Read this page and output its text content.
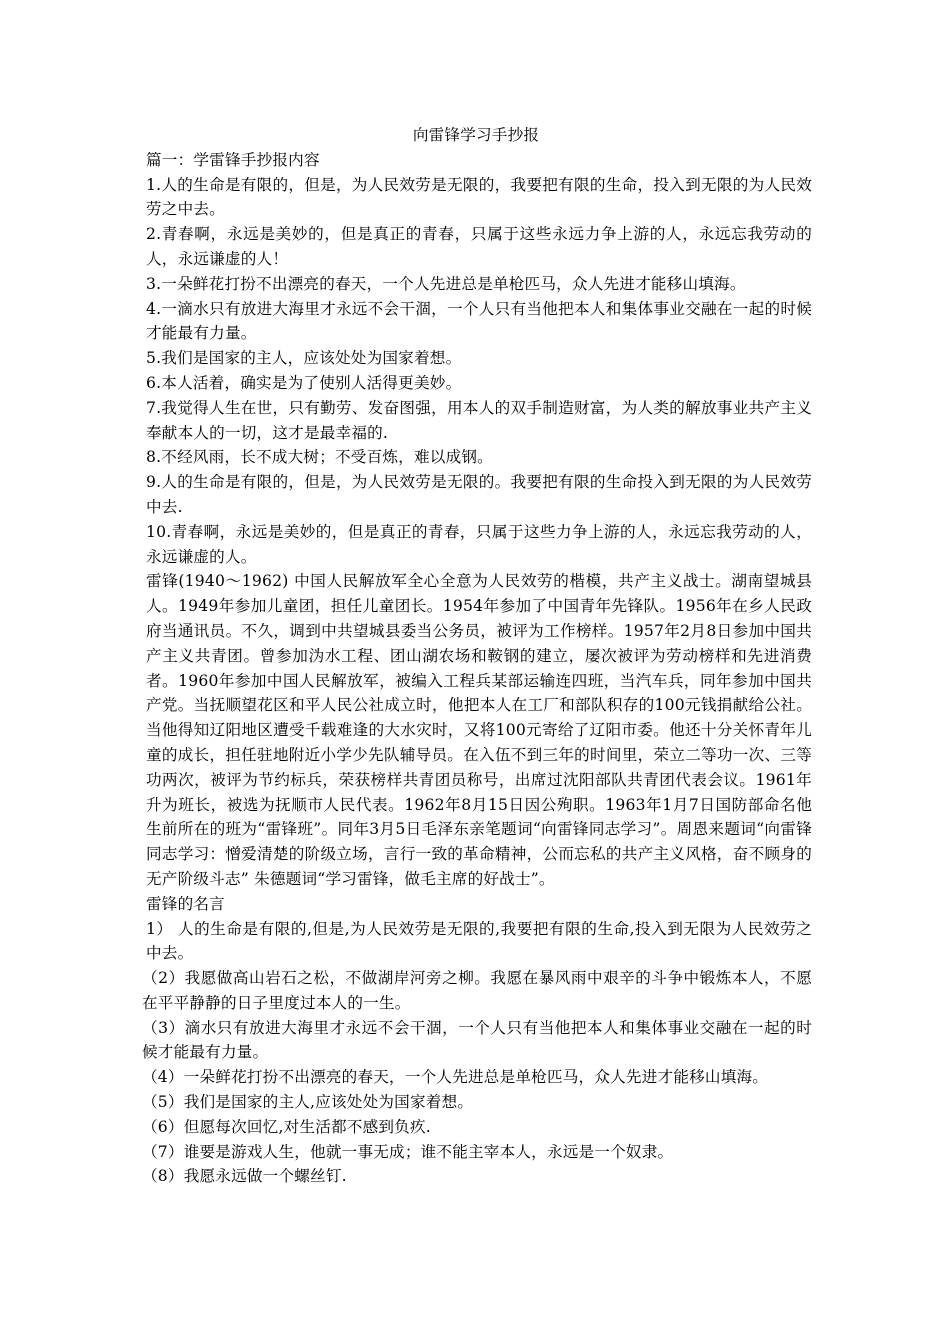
向雷锋学习手抄报

篇一：学雷锋手抄报内容

1.人的生命是有限的，但是，为人民效劳是无限的，我要把有限的生命，投入到无限的为人民效劳之中去。

2.青春啊，永远是美妙的，但是真正的青春，只属于这些永远力争上游的人，永远忘我劳动的人，永远谦虚的人！

3.一朵鲜花打扮不出漂亮的春天，一个人先进总是单枪匹马，众人先进才能移山填海。

4.一滴水只有放进大海里才永远不会干涸，一个人只有当他把本人和集体事业交融在一起的时候才能最有力量。

5.我们是国家的主人，应该处处为国家着想。

6.本人活着，确实是为了使别人活得更美妙。

7.我觉得人生在世，只有勤劳、发奋图强，用本人的双手制造财富，为人类的解放事业共产主义奉献本人的一切，这才是最幸福的.

8.不经风雨，长不成大树；不受百炼，难以成钢。

9.人的生命是有限的，但是，为人民效劳是无限的。我要把有限的生命投入到无限的为人民效劳中去.

10.青春啊，永远是美妙的，但是真正的青春，只属于这些力争上游的人，永远忘我劳动的人，永远谦虚的人。

雷锋(1940～1962) 中国人民解放军全心全意为人民效劳的楷模，共产主义战士。湖南望城县人。1949年参加儿童团，担任儿童团长。1954年参加了中国青年先锋队。1956年在乡人民政府当通讯员。不久，调到中共望城县委当公务员，被评为工作榜样。1957年2月8日参加中国共产主义共青团。曾参加沩水工程、团山湖农场和鞍钢的建立，屡次被评为劳动榜样和先进消费者。1960年参加中国人民解放军，被编入工程兵某部运输连四班，当汽车兵，同年参加中国共产党。当抚顺望花区和平人民公社成立时，他把本人在工厂和部队积存的100元钱捐献给公社。当他得知辽阳地区遭受千载难逢的大水灾时，又将100元寄给了辽阳市委。他还十分关怀青年儿童的成长，担任驻地附近小学少先队辅导员。在入伍不到三年的时间里，荣立二等功一次、三等功两次，被评为节约标兵，荣获榜样共青团员称号，出席过沈阳部队共青团代表会议。1961年升为班长，被选为抚顺市人民代表。1962年8月15日因公殉职。1963年1月7日国防部命名他生前所在的班为“雷锋班”。同年3月5日毛泽东亲笔题词“向雷锋同志学习”。周恩来题词“向雷锋同志学习：憎爱清楚的阶级立场，言行一致的革命精神，公而忘私的共产主义风格，奋不顾身的无产阶级斗志” 朱德题词“学习雷锋，做毛主席的好战士”。

雷锋的名言

1） 人的生命是有限的,但是,为人民效劳是无限的,我要把有限的生命,投入到无限为人民效劳之中去。

（2）我愿做高山岩石之松，不做湖岸河旁之柳。我愿在暴风雨中艰辛的斗争中锻炼本人，不愿在平平静静的日子里度过本人的一生。

（3）滴水只有放进大海里才永远不会干涸，一个人只有当他把本人和集体事业交融在一起的时候才能最有力量。

（4）一朵鲜花打扮不出漂亮的春天，一个人先进总是单枪匹马，众人先进才能移山填海。

（5）我们是国家的主人,应该处处为国家着想。

（6）但愿每次回忆,对生活都不感到负疚.

（7）谁要是游戏人生，他就一事无成；谁不能主宰本人，永远是一个奴隶。

（8）我愿永远做一个螺丝钉.
